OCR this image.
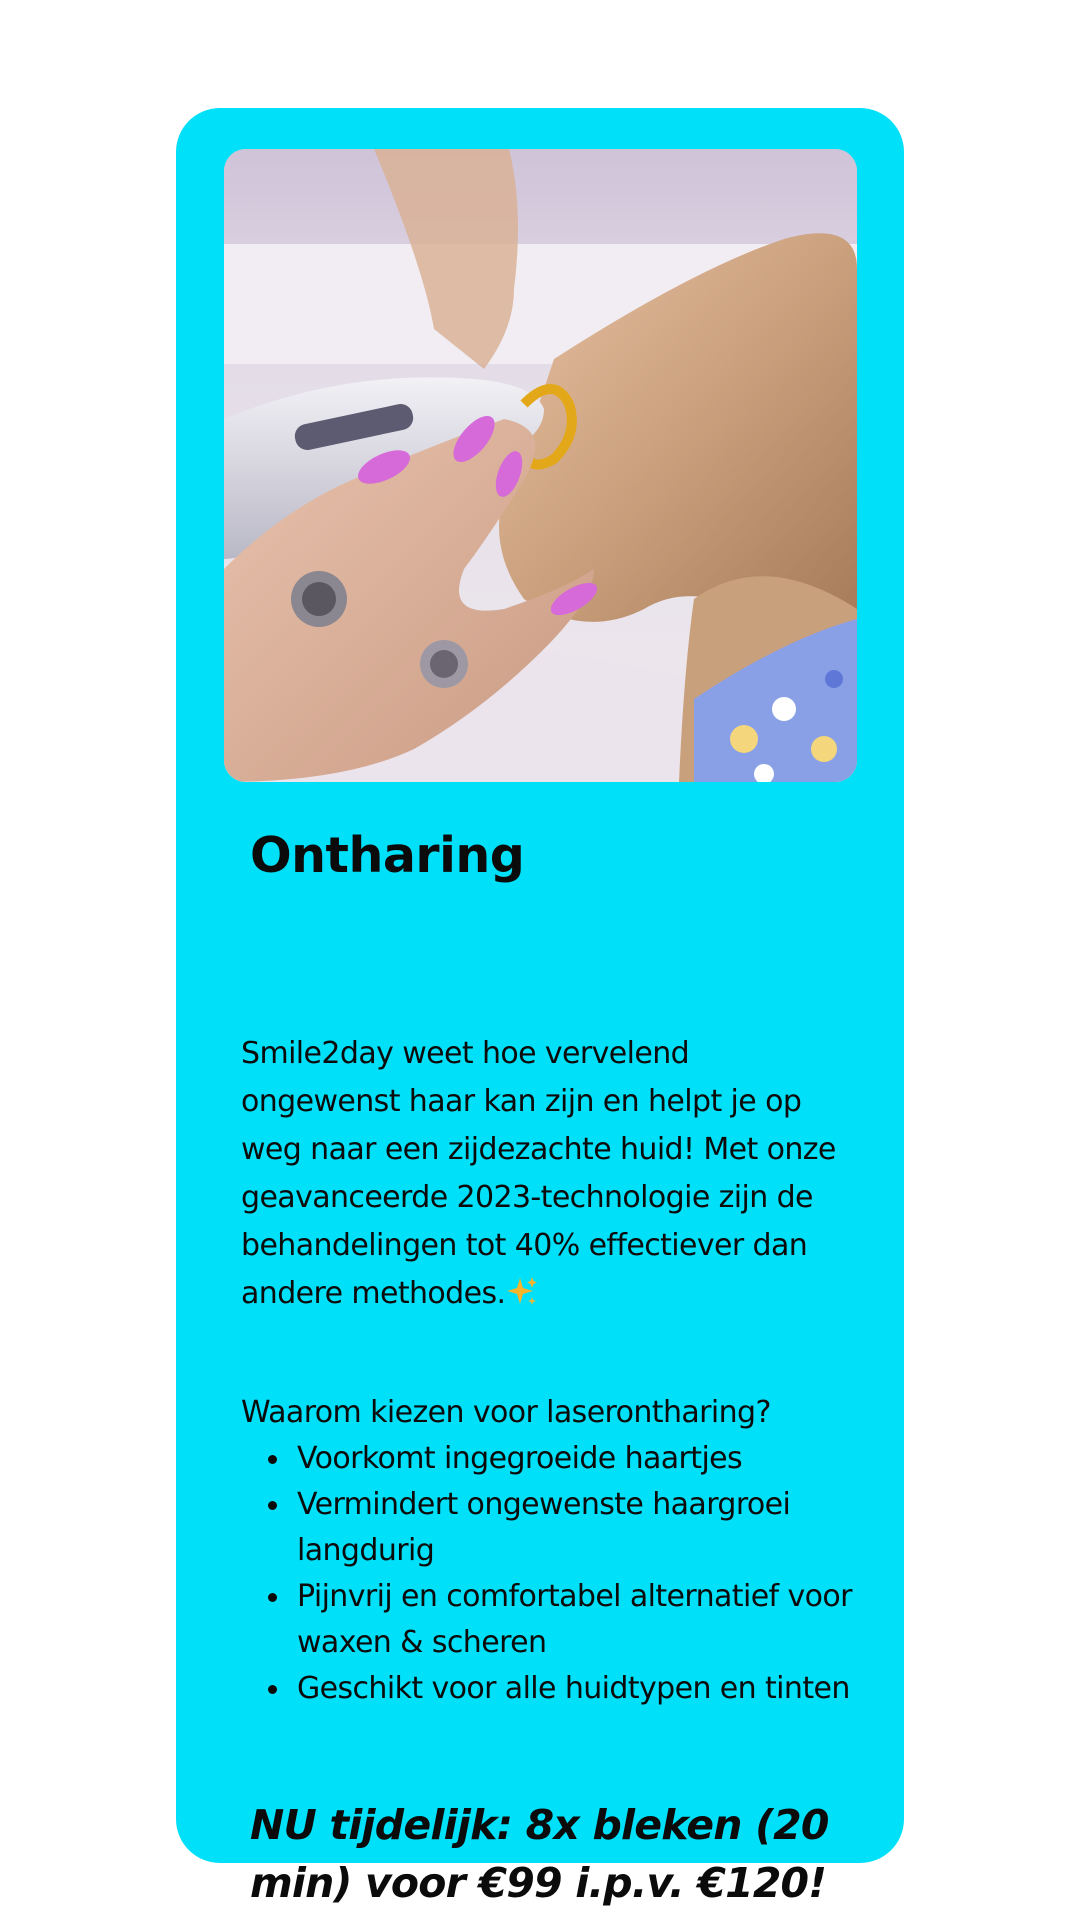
Ontharing

Smile2day weet hoe vervelend ongewenst haar kan zijn en helpt je op weg naar een zijdezachte huid! Met onze geavanceerde 2023-technologie zijn de behandelingen tot 40% effectiever dan andere methodes.

Waarom kiezen voor laserontharing?

Voorkomt ingegroeide haartjes
Vermindert ongewenste haargroei langdurig
Pijnvrij en comfortabel alternatief voor waxen & scheren
Geschikt voor alle huidtypen en tinten

NU tijdelijk: 8x bleken (20 min) voor €99 i.p.v. €120!
